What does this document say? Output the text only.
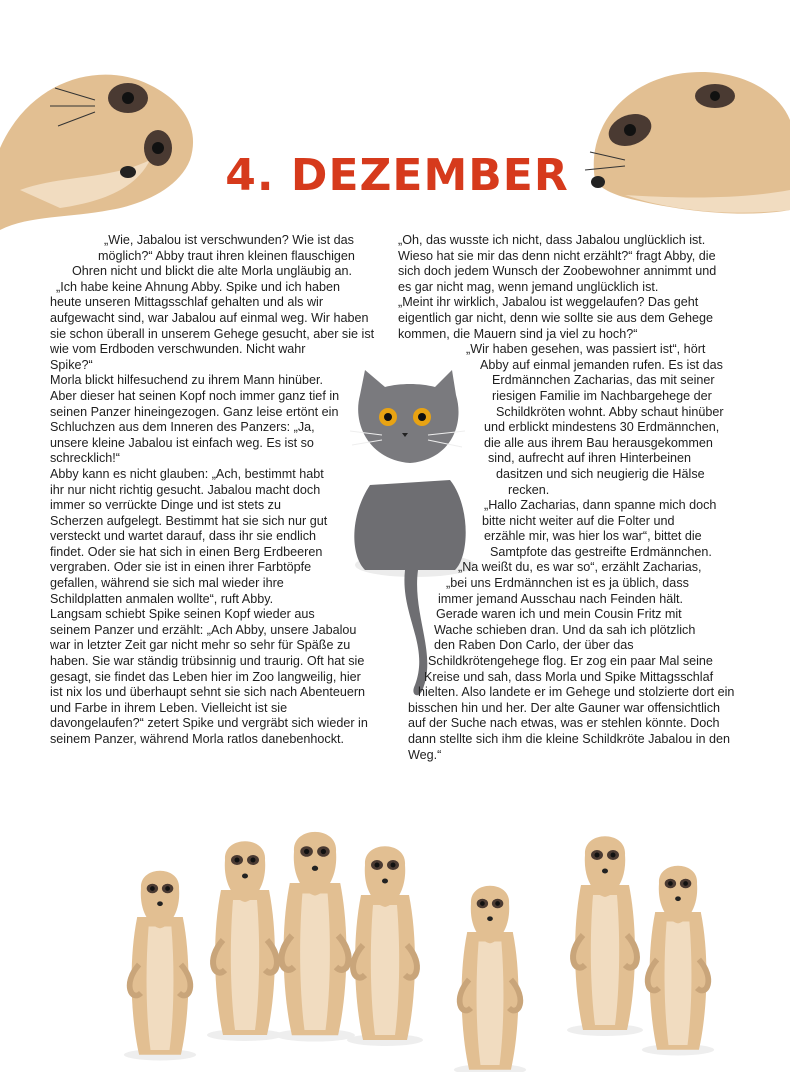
4. DEZEMBER
„Wie, Jabalou ist verschwunden? Wie ist das
möglich?“ Abby traut ihren kleinen flauschigen
Ohren nicht und blickt die alte Morla ungläubig an.
„Ich habe keine Ahnung Abby. Spike und ich haben
heute unseren Mittagsschlaf gehalten und als wir
aufgewacht sind, war Jabalou auf einmal weg. Wir haben
sie schon überall in unserem Gehege gesucht, aber sie ist
wie vom Erdboden verschwunden. Nicht wahr
Spike?“
Morla blickt hilfesuchend zu ihrem Mann hinüber.
Aber dieser hat seinen Kopf noch immer ganz tief in
seinen Panzer hineingezogen. Ganz leise ertönt ein
Schluchzen aus dem Inneren des Panzers: „Ja,
unsere kleine Jabalou ist einfach weg. Es ist so
schrecklich!“
Abby kann es nicht glauben: „Ach, bestimmt habt
ihr nur nicht richtig gesucht. Jabalou macht doch
immer so verrückte Dinge und ist stets zu
Scherzen aufgelegt. Bestimmt hat sie sich nur gut
versteckt und wartet darauf, dass ihr sie endlich
findet. Oder sie hat sich in einen Berg Erdbeeren
vergraben. Oder sie ist in einen ihrer Farbtöpfe
gefallen, während sie sich mal wieder ihre
Schildplatten anmalen wollte“, ruft Abby.
Langsam schiebt Spike seinen Kopf wieder aus
seinem Panzer und erzählt: „Ach Abby, unsere Jabalou
war in letzter Zeit gar nicht mehr so sehr für Späße zu
haben. Sie war ständig trübsinnig und traurig. Oft hat sie
gesagt, sie findet das Leben hier im Zoo langweilig, hier
ist nix los und überhaupt sehnt sie sich nach Abenteuern
und Farbe in ihrem Leben. Vielleicht ist sie
davongelaufen?“ zetert Spike und vergräbt sich wieder in
seinem Panzer, während Morla ratlos danebenhockt.
„Oh, das wusste ich nicht, dass Jabalou unglücklich ist.
Wieso hat sie mir das denn nicht erzählt?“ fragt Abby, die
sich doch jedem Wunsch der Zoobewohner annimmt und
es gar nicht mag, wenn jemand unglücklich ist.
„Meint ihr wirklich, Jabalou ist weggelaufen? Das geht
eigentlich gar nicht, denn wie sollte sie aus dem Gehege
kommen, die Mauern sind ja viel zu hoch?“
„Wir haben gesehen, was passiert ist“, hört
Abby auf einmal jemanden rufen. Es ist das
Erdmännchen Zacharias, das mit seiner
riesigen Familie im Nachbargehege der
Schildkröten wohnt. Abby schaut hinüber
und erblickt mindestens 30 Erdmännchen,
die alle aus ihrem Bau herausgekommen
sind, aufrecht auf ihren Hinterbeinen
dasitzen und sich neugierig die Hälse
recken.
„Hallo Zacharias, dann spanne mich doch
bitte nicht weiter auf die Folter und
erzähle mir, was hier los war“, bittet die
Samtpfote das gestreifte Erdmännchen.
„Na weißt du, es war so“, erzählt Zacharias,
„bei uns Erdmännchen ist es ja üblich, dass
immer jemand Ausschau nach Feinden hält.
Gerade waren ich und mein Cousin Fritz mit
Wache schieben dran. Und da sah ich plötzlich
den Raben Don Carlo, der über das
Schildkrötengehege flog. Er zog ein paar Mal seine
Kreise und sah, dass Morla und Spike Mittagsschlaf
hielten. Also landete er im Gehege und stolzierte dort ein
bisschen hin und her. Der alte Gauner war offensichtlich
auf der Suche nach etwas, was er stehlen könnte. Doch
dann stellte sich ihm die kleine Schildkröte Jabalou in den
Weg.“
